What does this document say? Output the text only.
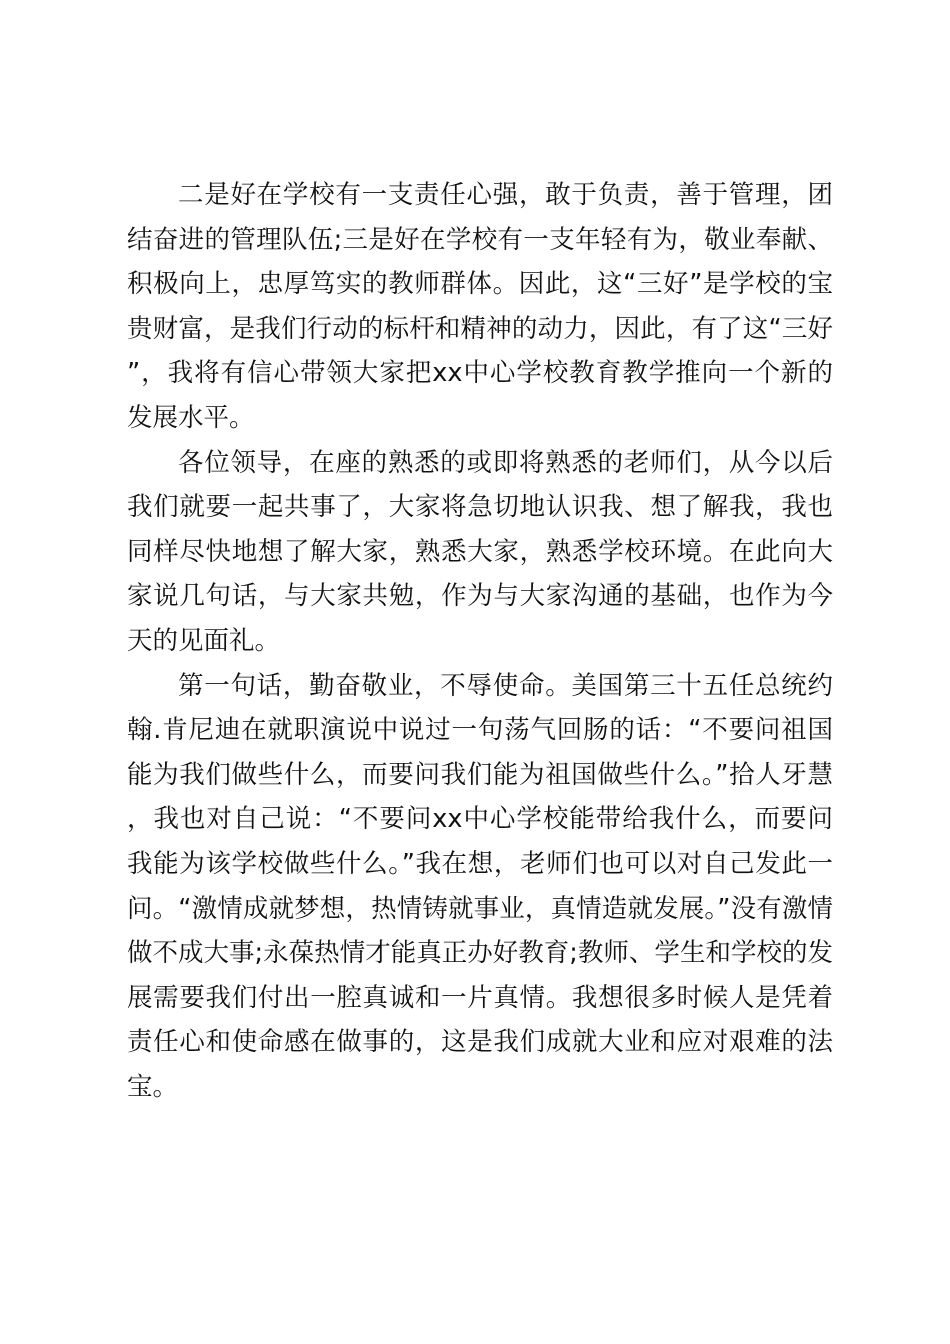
二是好在学校有一支责任心强，敢于负责，善于管理，团结奋进的管理队伍;三是好在学校有一支年轻有为，敬业奉献、积极向上，忠厚笃实的教师群体。因此，这“三好”是学校的宝贵财富，是我们行动的标杆和精神的动力，因此，有了这“三好”，我将有信心带领大家把xx中心学校教育教学推向一个新的发展水平。

各位领导，在座的熟悉的或即将熟悉的老师们，从今以后我们就要一起共事了，大家将急切地认识我、想了解我，我也同样尽快地想了解大家，熟悉大家，熟悉学校环境。在此向大家说几句话，与大家共勉，作为与大家沟通的基础，也作为今天的见面礼。

第一句话，勤奋敬业，不辱使命。美国第三十五任总统约翰.肯尼迪在就职演说中说过一句荡气回肠的话：“不要问祖国能为我们做些什么，而要问我们能为祖国做些什么。”拾人牙慧，我也对自己说：“不要问xx中心学校能带给我什么，而要问我能为该学校做些什么。”我在想，老师们也可以对自己发此一问。“激情成就梦想，热情铸就事业，真情造就发展。”没有激情做不成大事;永葆热情才能真正办好教育;教师、学生和学校的发展需要我们付出一腔真诚和一片真情。我想很多时候人是凭着责任心和使命感在做事的，这是我们成就大业和应对艰难的法宝。
